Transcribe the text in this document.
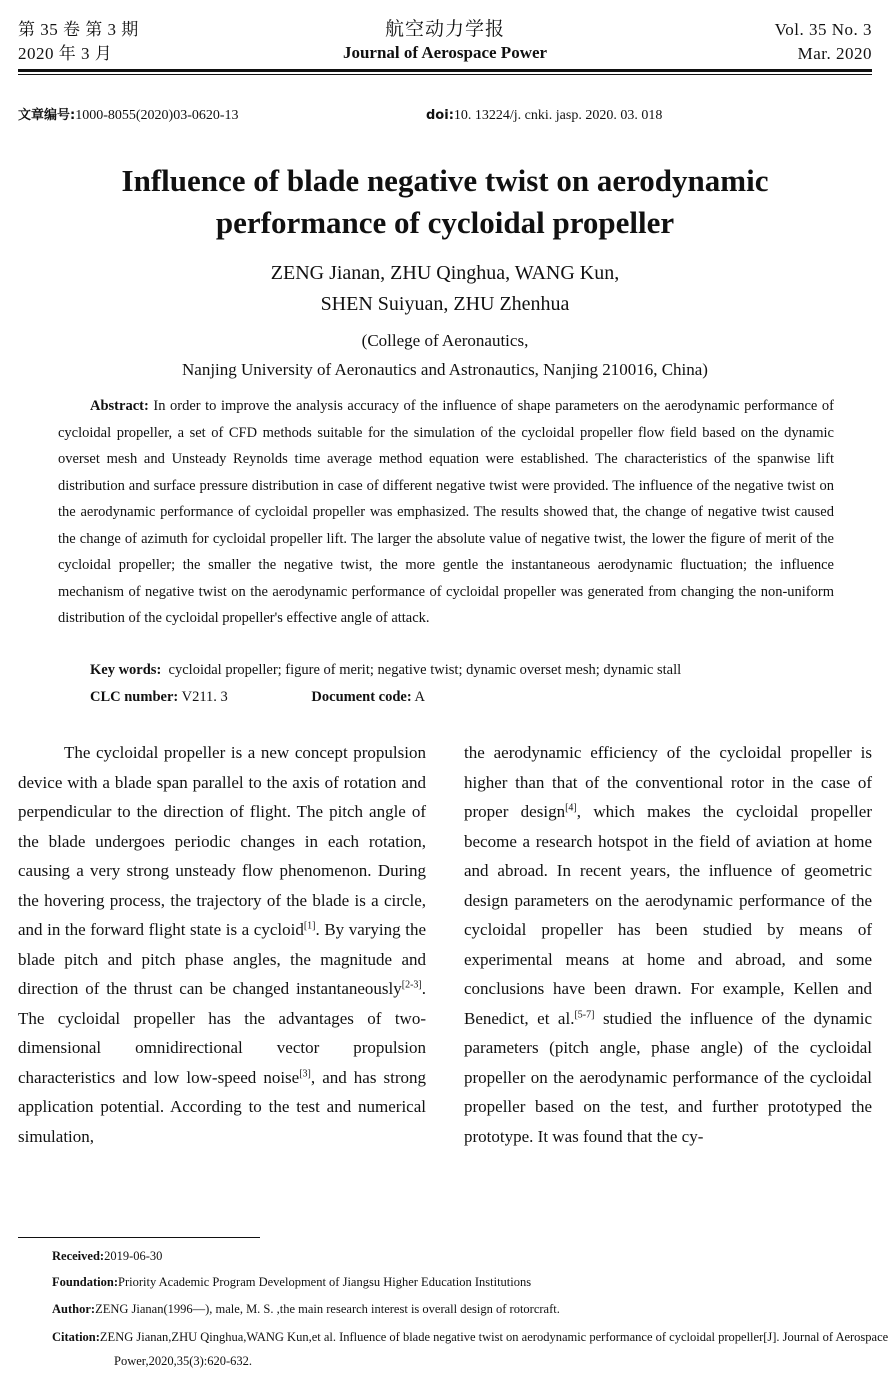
第 35 卷 第 3 期
2020 年 3 月
航空动力学报
Journal of Aerospace Power
Vol. 35 No. 3
Mar. 2020
文章编号:1000-8055(2020)03-0620-13	doi:10. 13224/j. cnki. jasp. 2020. 03. 018
Influence of blade negative twist on aerodynamic
performance of cycloidal propeller
ZENG Jianan, ZHU Qinghua, WANG Kun,
SHEN Suiyuan, ZHU Zhenhua
(College of Aeronautics,
Nanjing University of Aeronautics and Astronautics, Nanjing 210016, China)
Abstract: In order to improve the analysis accuracy of the influence of shape parameters on the aerodynamic performance of cycloidal propeller, a set of CFD methods suitable for the simulation of the cycloidal propeller flow field based on the dynamic overset mesh and Unsteady Reynolds time average method equation were established. The characteristics of the spanwise lift distribution and surface pressure distribution in case of different negative twist were provided. The influence of the negative twist on the aerodynamic performance of cycloidal propeller was emphasized. The results showed that, the change of negative twist caused the change of azimuth for cycloidal propeller lift. The larger the absolute value of negative twist, the lower the figure of merit of the cycloidal propeller; the smaller the negative twist, the more gentle the instantaneous aerodynamic fluctuation; the influence mechanism of negative twist on the aerodynamic performance of cycloidal propeller was generated from changing the non-uniform distribution of the cycloidal propeller's effective angle of attack.
Key words: cycloidal propeller; figure of merit; negative twist; dynamic overset mesh; dynamic stall
CLC number: V211. 3	Document code: A
The cycloidal propeller is a new concept propulsion device with a blade span parallel to the axis of rotation and perpendicular to the direction of flight. The pitch angle of the blade undergoes periodic changes in each rotation, causing a very strong unsteady flow phenomenon. During the hovering process, the trajectory of the blade is a circle, and in the forward flight state is a cycloid[1]. By varying the blade pitch and pitch phase angles, the magnitude and direction of the thrust can be changed instantaneously[2-3]. The cycloidal propeller has the advantages of two-dimensional omnidirectional vector propulsion characteristics and low low-speed noise[3], and has strong application potential. According to the test and numerical simulation,
the aerodynamic efficiency of the cycloidal propeller is higher than that of the conventional rotor in the case of proper design[4], which makes the cycloidal propeller become a research hotspot in the field of aviation at home and abroad. In recent years, the influence of geometric design parameters on the aerodynamic performance of the cycloidal propeller has been studied by means of experimental means at home and abroad, and some conclusions have been drawn. For example, Kellen and Benedict, et al.[5-7] studied the influence of the dynamic parameters (pitch angle, phase angle) of the cycloidal propeller on the aerodynamic performance of the cycloidal propeller based on the test, and further prototyped the prototype. It was found that the cy-
Received:2019-06-30
Foundation:Priority Academic Program Development of Jiangsu Higher Education Institutions
Author:ZENG Jianan(1996—), male, M. S. ,the main research interest is overall design of rotorcraft.
Citation:ZENG Jianan,ZHU Qinghua,WANG Kun,et al. Influence of blade negative twist on aerodynamic performance of cycloidal propeller[J]. Journal of Aerospace Power,2020,35(3):620-632.
